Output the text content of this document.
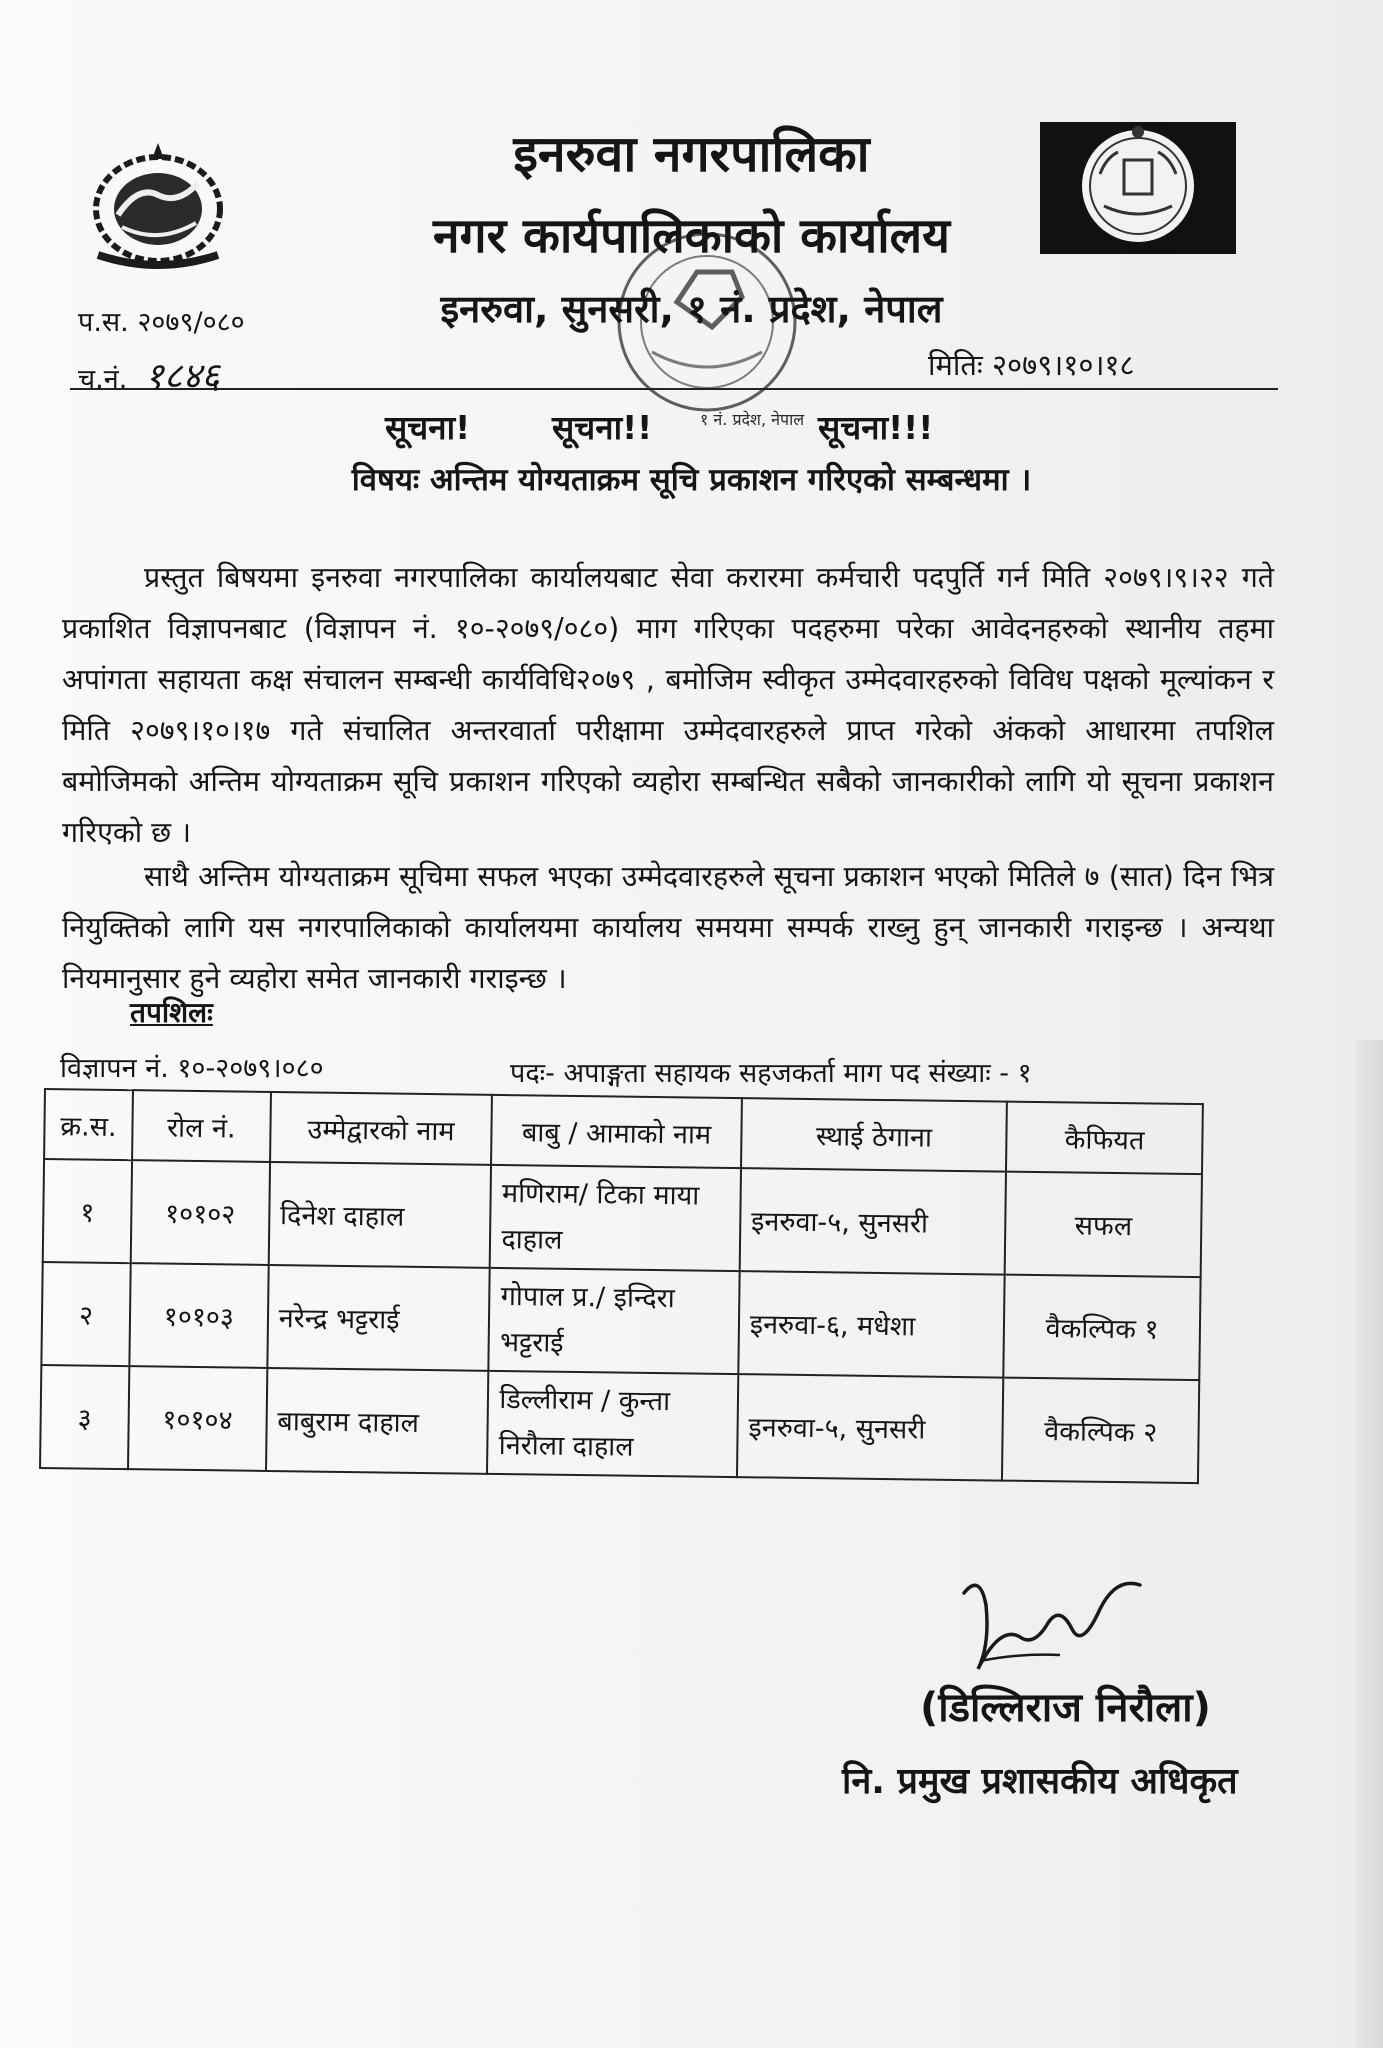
१ नं. प्रदेश, नेपाल
इनरुवा नगरपालिका
नगर कार्यपालिकाको कार्यालय
इनरुवा, सुनसरी, १ नं. प्रदेश, नेपाल
प.स. २०७९/०८०
च.नं. १८४६	मितिः २०७९।१०।१८
सूचना! सूचना!!	सूचना!!!
विषयः अन्तिम योग्यताक्रम सूचि प्रकाशन गरिएको सम्बन्धमा ।
प्रस्तुत बिषयमा इनरुवा नगरपालिका कार्यालयबाट सेवा करारमा कर्मचारी पदपुर्ति गर्न मिति २०७९।९।२२ गते प्रकाशित विज्ञापनबाट (विज्ञापन नं. १०-२०७९/०८०) माग गरिएका पदहरुमा परेका आवेदनहरुको स्थानीय तहमा अपांगता सहायता कक्ष संचालन सम्बन्धी कार्यविधि२०७९ , बमोजिम स्वीकृत उम्मेदवारहरुको विविध पक्षको मूल्यांकन र मिति २०७९।१०।१७ गते संचालित अन्तरवार्ता परीक्षामा उम्मेदवारहरुले प्राप्त गरेको अंकको आधारमा तपशिल बमोजिमको अन्तिम योग्यताक्रम सूचि प्रकाशन गरिएको व्यहोरा सम्बन्धित सबैको जानकारीको लागि यो सूचना प्रकाशन गरिएको छ ।
साथै अन्तिम योग्यताक्रम सूचिमा सफल भएका उम्मेदवारहरुले सूचना प्रकाशन भएको मितिले ७ (सात) दिन भित्र नियुक्तिको लागि यस नगरपालिकाको कार्यालयमा कार्यालय समयमा सम्पर्क राख्नु हुन् जानकारी गराइन्छ । अन्यथा नियमानुसार हुने व्यहोरा समेत जानकारी गराइन्छ ।
तपशिलः
विज्ञापन नं. १०-२०७९।०८०	पदः- अपाङ्गता सहायक सहजकर्ता माग पद संख्याः - १
क्र.स.	रोल नं.	उम्मेद्वारको नाम	बाबु / आमाको नाम	स्थाई ठेगाना	कैफियत
१	१०१०२	दिनेश दाहाल	मणिराम/ टिका माया दाहाल	इनरुवा-५, सुनसरी	सफल
२	१०१०३	नरेन्द्र भट्टराई	गोपाल प्र./ इन्दिरा भट्टराई	इनरुवा-६, मधेशा	वैकल्पिक १
३	१०१०४	बाबुराम दाहाल	डिल्लीराम / कुन्ता निरौला दाहाल	इनरुवा-५, सुनसरी	वैकल्पिक २
(डिल्लिराज निरौला)
नि. प्रमुख प्रशासकीय अधिकृत
